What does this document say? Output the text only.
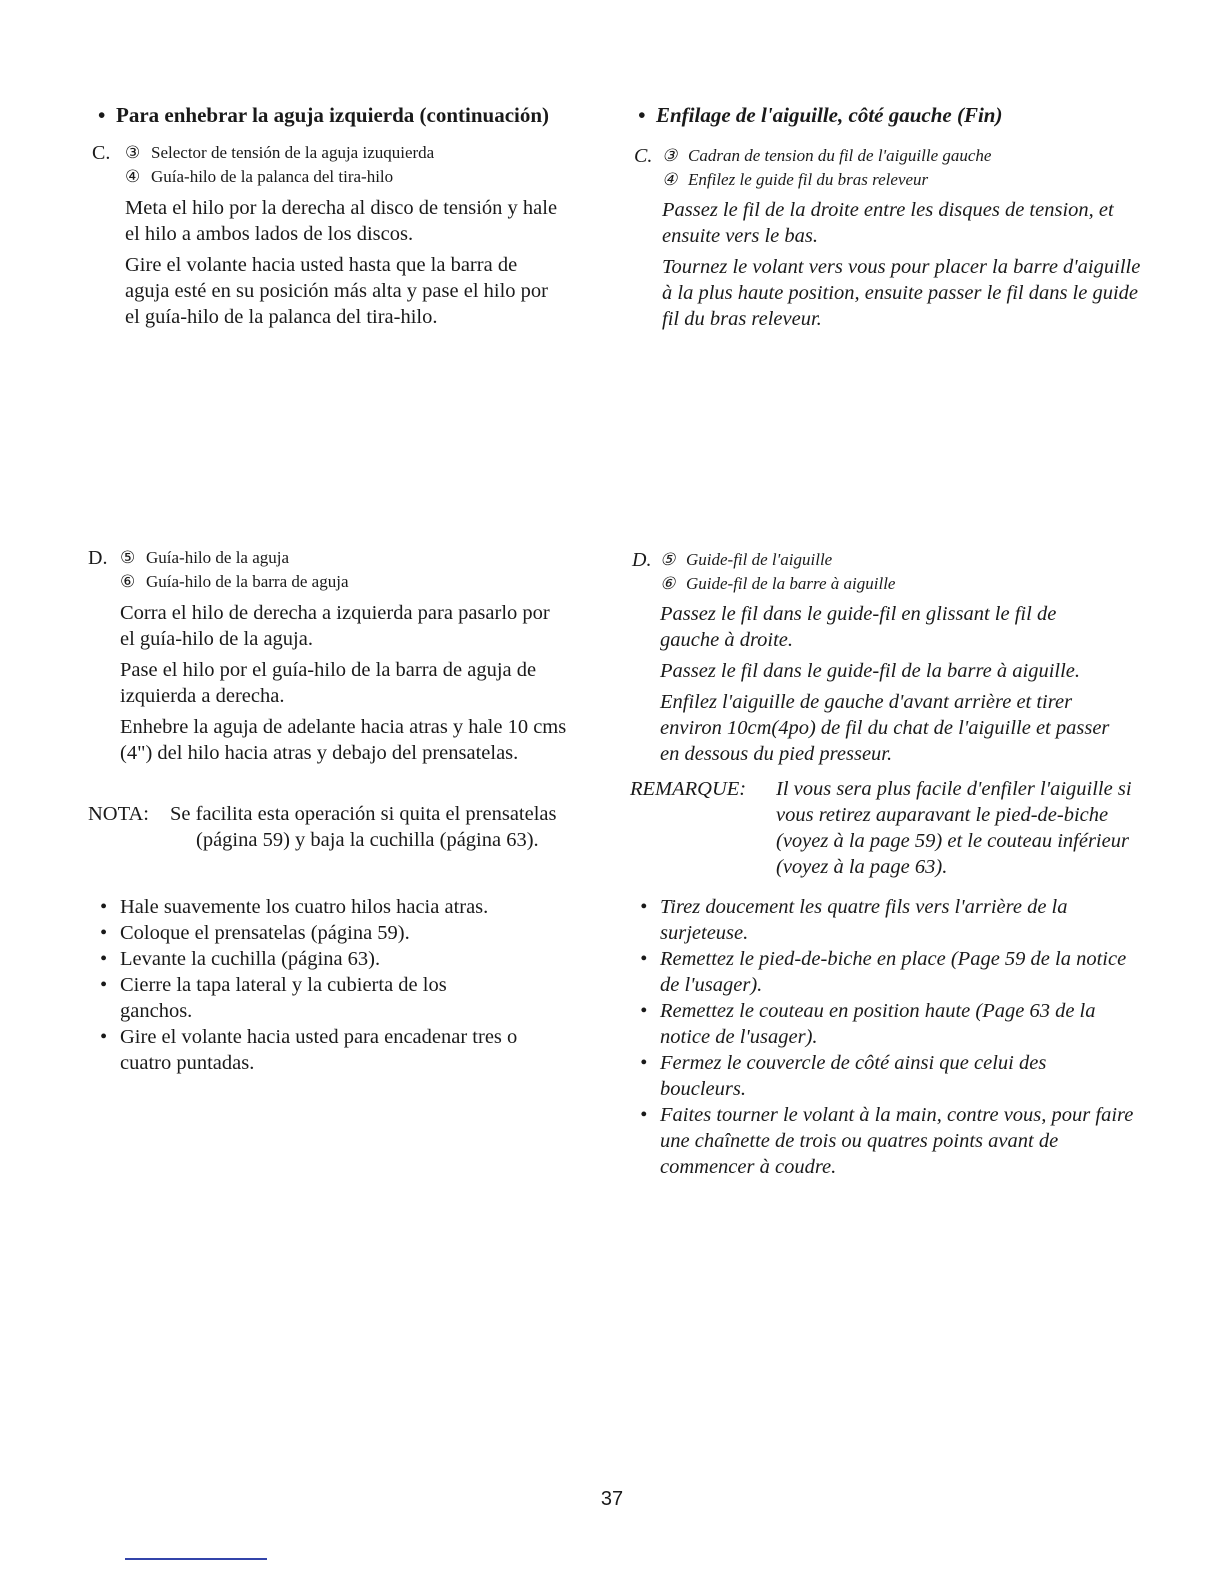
• Para enhebrar la aguja izquierda (continuación)
C. ③ Selector de tensión de la aguja izuquierda
④ Guía-hilo de la palanca del tira-hilo

Meta el hilo por la derecha al disco de tensión y hale el hilo a ambos lados de los discos.

Gire el volante hacia usted hasta que la barra de aguja esté en su posición más alta y pase el hilo por el guía-hilo de la palanca del tira-hilo.

D. ⑤ Guía-hilo de la aguja
⑥ Guía-hilo de la barra de aguja

Corra el hilo de derecha a izquierda para pasarlo por el guía-hilo de la aguja.

Pase el hilo por el guía-hilo de la barra de aguja de izquierda a derecha.

Enhebre la aguja de adelante hacia atras y hale 10 cms (4") del hilo hacia atras y debajo del prensatelas.

NOTA: Se facilita esta operación si quita el prensatelas (página 59) y baja la cuchilla (página 63).
• Hale suavemente los cuatro hilos hacia atras.
• Coloque el prensatelas (página 59).
• Levante la cuchilla (página 63).
• Cierre la tapa lateral y la cubierta de los ganchos.
• Gire el volante hacia usted para encadenar tres o cuatro puntadas.
• Enfilage de l'aiguille, côté gauche (Fin)
C. ③ Cadran de tension du fil de l'aiguille gauche
④ Enfilez le guide fil du bras releveur

Passez le fil de la droite entre les disques de tension, et ensuite vers le bas.

Tournez le volant vers vous pour placer la barre d'aiguille à la plus haute position, ensuite passer le fil dans le guide fil du bras releveur.

D. ⑤ Guide-fil de l'aiguille
⑥ Guide-fil de la barre à aiguille

Passez le fil dans le guide-fil en glissant le fil de gauche à droite.

Passez le fil dans le guide-fil de la barre à aiguille.

Enfilez l'aiguille de gauche d'avant arrière et tirer environ 10cm(4po) de fil du chat de l'aiguille et passer en dessous du pied presseur.

REMARQUE: Il vous sera plus facile d'enfiler l'aiguille si vous retirez auparavant le pied-de-biche (voyez à la page 59) et le couteau inférieur (voyez à la page 63).
• Tirez doucement les quatre fils vers l'arrière de la surjeteuse.
• Remettez le pied-de-biche en place (Page 59 de la notice de l'usager).
• Remettez le couteau en position haute (Page 63 de la notice de l'usager).
• Fermez le couvercle de côté ainsi que celui des boucleurs.
• Faites tourner le volant à la main, contre vous, pour faire une chaînette de trois ou quatres points avant de commencer à coudre.
37
